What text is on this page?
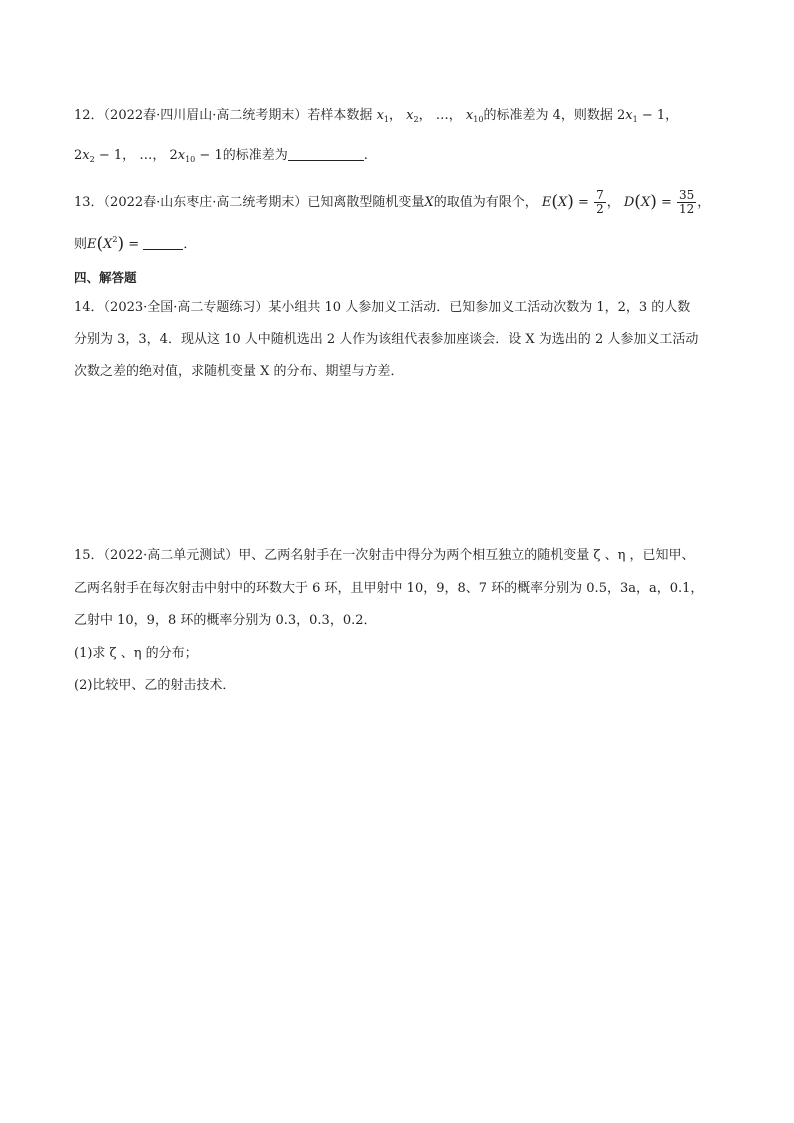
12．（2022春·四川眉山·高二统考期末）若样本数据 $x_1$， $x_2$， …， $x_{10}$的标准差为 4，则数据 $2x_1 - 1$，
$2x_2 - 1$， …， $2x_{10} - 1$的标准差为	.
13．（2022春·山东枣庄·高二统考期末）已知离散型随机变量X的取值为有限个， $E(X) = \frac{7}{2}$ ， $D(X) = \frac{35}{12}$ ，
则$E(X^2)$ =	．
四、解答题
14．（2023·全国·高二专题练习）某小组共 10 人参加义工活动．已知参加义工活动次数为 1，2，3 的人数
分别为 3，3，4．现从这 10 人中随机选出 2 人作为该组代表参加座谈会．设 X 为选出的 2 人参加义工活动
次数之差的绝对值，求随机变量 X 的分布、期望与方差．
15．（2022·高二单元测试）甲、乙两名射手在一次射击中得分为两个相互独立的随机变量 ζ 、η ，已知甲、
乙两名射手在每次射击中射中的环数大于 6 环，且甲射中 10，9，8、7 环的概率分别为 0.5，3a，a，0.1，
乙射中 10，9，8 环的概率分别为 0.3，0.3，0.2．
(1)求 ζ 、η 的分布；
(2)比较甲、乙的射击技术．
